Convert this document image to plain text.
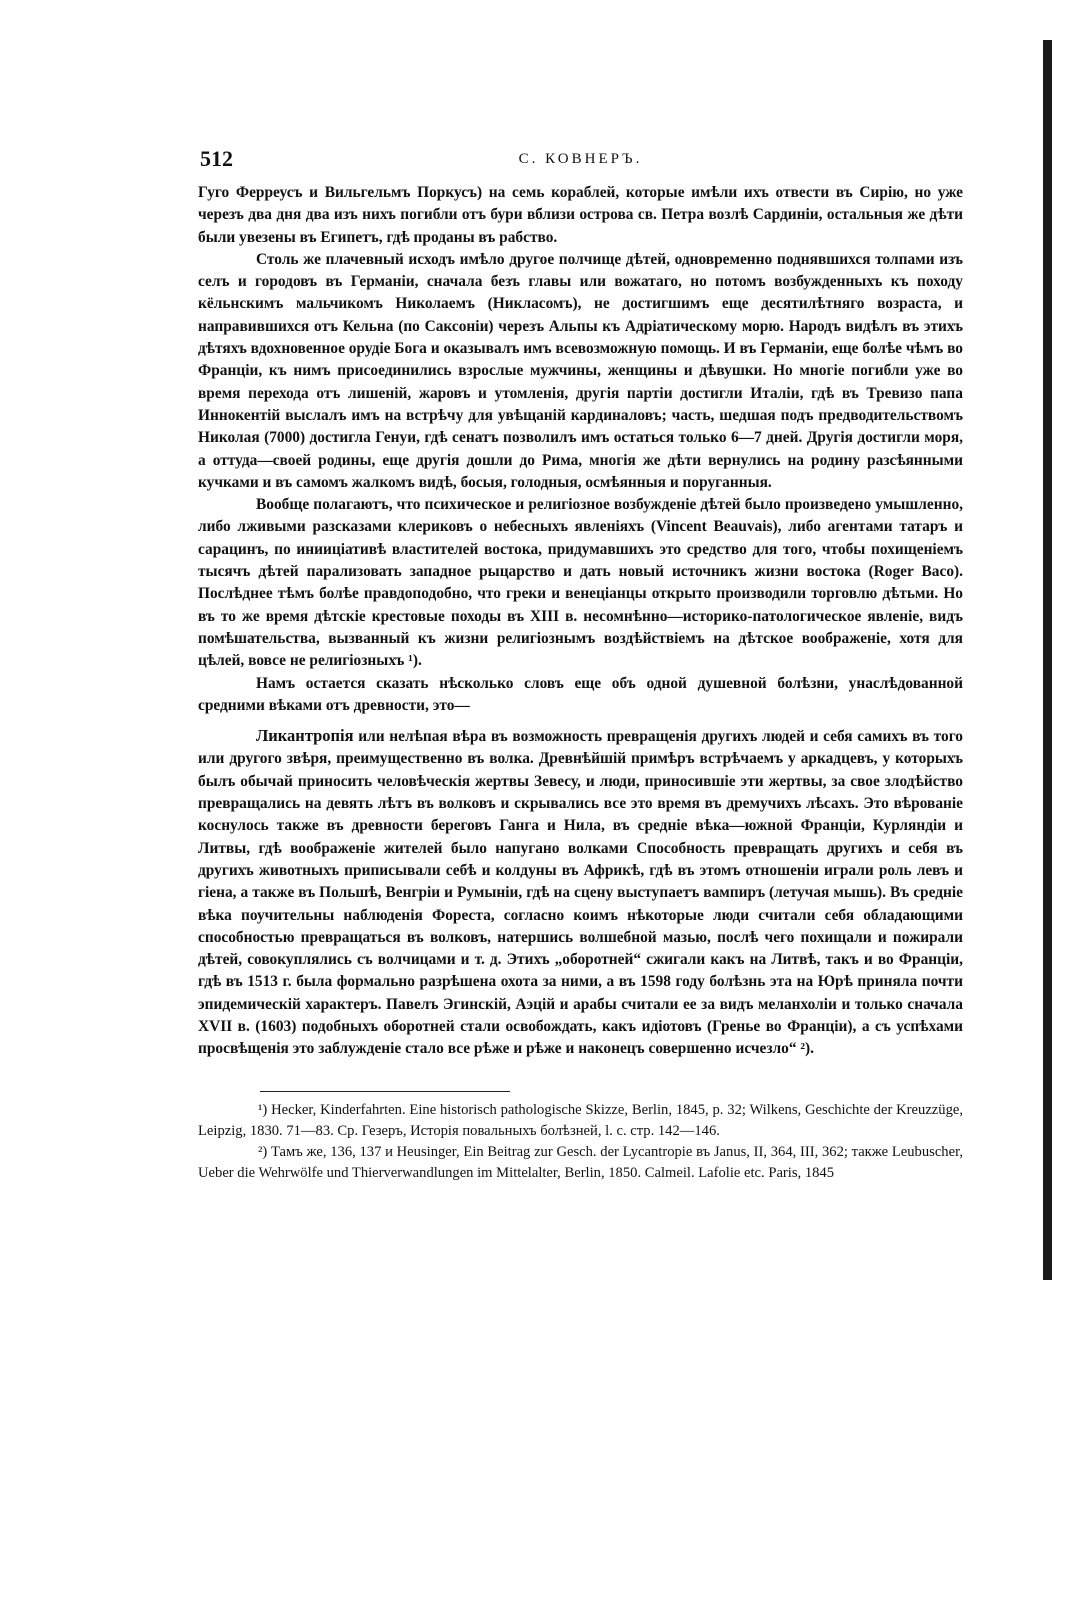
512	С. КОВНЕРЪ.

Гуго Ферреусъ и Вильгельмъ Поркусъ) на семь кораблей, которые имѣли ихъ отвести въ Сирію, но уже черезъ два дня два изъ нихъ погибли отъ бури вблизи острова св. Петра возлѣ Сардиніи, остальныя же дѣти были увезены въ Египетъ, гдѣ проданы въ рабство.

Столь же плачевный исходъ имѣло другое полчище дѣтей, одновременно поднявшихся толпами изъ селъ и городовъ въ Германіи, сначала безъ главы или вожатаго, но потомъ возбужденныхъ къ походу кёльнскимъ мальчикомъ Николаемъ (Никласомъ), не достигшимъ еще десятилѣтняго возраста, и направившихся отъ Кельна (по Саксоніи) черезъ Альпы къ Адріатическому морю. Народъ видѣлъ въ этихъ дѣтяхъ вдохновенное орудіе Бога и оказывалъ имъ всевозможную помощь. И въ Германіи, еще болѣе чѣмъ во Франціи, къ нимъ присоединились взрослые мужчины, женщины и дѣвушки. Но многіе погибли уже во время перехода отъ лишеній, жаровъ и утомленія, другія партіи достигли Италіи, гдѣ въ Тревизо папа Иннокентій выслалъ имъ на встрѣчу для увѣщаній кардиналовъ; часть, шедшая подъ предводительствомъ Николая (7000) достигла Генуи, гдѣ сенатъ позволилъ имъ остаться только 6—7 дней. Другія достигли моря, а оттуда—своей родины, еще другія дошли до Рима, многія же дѣти вернулись на родину разсѣянными кучками и въ самомъ жалкомъ видѣ, босыя, голодныя, осмѣянныя и поруганныя.

Вообще полагаютъ, что психическое и религіозное возбужденіе дѣтей было произведено умышленно, либо лживыми разсказами клериковъ о небесныхъ явленіяхъ (Vincent Beauvais), либо агентами татаръ и сарацинъ, по инииціативѣ властителей востока, придумавшихъ это средство для того, чтобы похищеніемъ тысячъ дѣтей парализовать западное рыцарство и дать новый источникъ жизни востока (Roger Baco). Послѣднее тѣмъ болѣе правдоподобно, что греки и венеціанцы открыто производили торговлю дѣтьми. Но въ то же время дѣтскіе крестовые походы въ XIII в. несомнѣнно—историко-патологическое явленіе, видъ помѣшательства, вызванный къ жизни религіознымъ воздѣйствіемъ на дѣтское воображеніе, хотя для цѣлей, вовсе не религіозныхъ ¹).

Намъ остается сказать нѣсколько словъ еще объ одной душевной болѣзни, унаслѣдованной средними вѣками отъ древности, это—

Ликантропія или нелѣпая вѣра въ возможность превращенія другихъ людей и себя самихъ въ того или другого звѣря, преимущественно въ волка. Древнѣйшій примѣръ встрѣчаемъ у аркадцевъ, у которыхъ былъ обычай приносить человѣческія жертвы Зевесу, и люди, приносившіе эти жертвы, за свое злодѣйство превращались на девять лѣтъ въ волковъ и скрывались все это время въ дремучихъ лѣсахъ. Это вѣрованіе коснулось также въ древности береговъ Ганга и Нила, въ средніе вѣка—южной Франціи, Курляндіи и Литвы, гдѣ воображеніе жителей было напугано волками Способность превращать другихъ и себя въ другихъ животныхъ приписывали себѣ и колдуны въ Африкѣ, гдѣ въ этомъ отношеніи играли роль левъ и гіена, а также въ Польшѣ, Венгріи и Румыніи, гдѣ на сцену выступаетъ вампиръ (летучая мышь). Въ средніе вѣка поучительны наблюденія Фореста, согласно коимъ нѣкоторые люди считали себя обладающими способностью превращаться въ волковъ, натершись волшебной мазью, послѣ чего похищали и пожирали дѣтей, совокуплялись съ волчицами и т. д. Этихъ „оборотней“ сжигали какъ на Литвѣ, такъ и во Франціи, гдѣ въ 1513 г. была формально разрѣшена охота за ними, а въ 1598 году болѣзнь эта на Юрѣ приняла почти эпидемическій характеръ. Павелъ Эгинскій, Аэцій и арабы считали ее за видъ меланхоліи и только сначала XVII в. (1603) подобныхъ оборотней стали освобождать, какъ идіотовъ (Греньe во Франціи), а съ успѣхами просвѣщенія это заблужденіе стало все рѣже и рѣже и наконецъ совершенно исчезло“ ²).

¹) Hecker, Kinderfahrten. Eine historisch pathologische Skizze, Berlin, 1845, p. 32; Wilkens, Geschichte der Kreuzzüge, Leipzig, 1830. 71—83. Ср. Гезеръ, Исторія повальныхъ болѣзней, l. с. стр. 142—146.

²) Тамъ же, 136, 137 и Heusinger, Ein Beitrag zur Gesch. der Lycantropie въ Janus, II, 364, III, 362; также Leubuscher, Ueber die Wehrwölfe und Thierverwandlungen im Mittelalter, Berlin, 1850. Calmeil. Lafolie etc. Paris, 1845
